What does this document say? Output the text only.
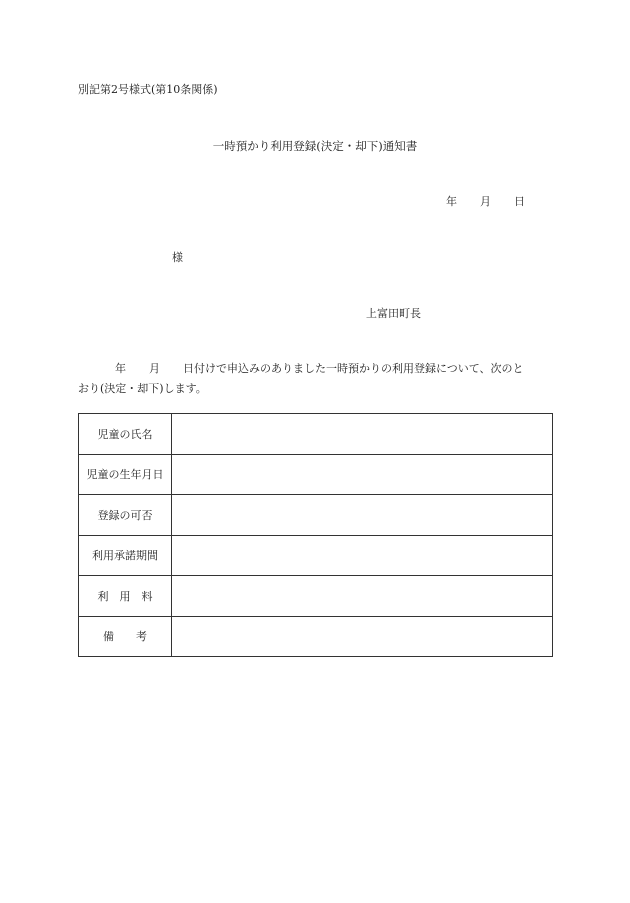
別記第2号様式(第10条関係)
一時預かり利用登録(決定・却下)通知書
年 月 日
様
上富田町長
年 月 日付けで申込みのありました一時預かりの利用登録について、次のと
おり(決定・却下)します。
児童の氏名	
児童の生年月日	
登録の可否	
利用承諾期間	
利　用　料	
備　　考	
